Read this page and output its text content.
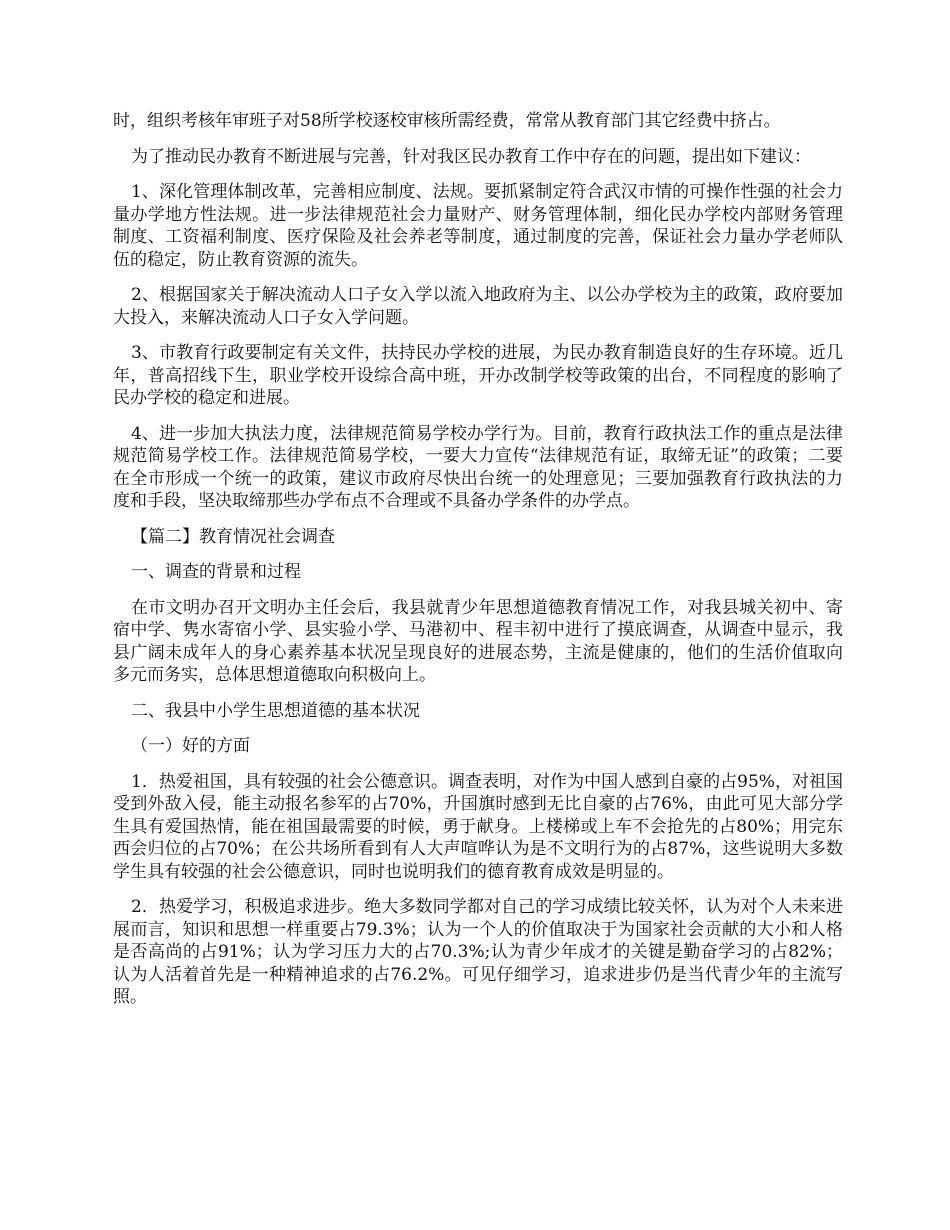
时，组织考核年审班子对58所学校逐校审核所需经费，常常从教育部门其它经费中挤占。

为了推动民办教育不断进展与完善，针对我区民办教育工作中存在的问题，提出如下建议：

1、深化管理体制改革，完善相应制度、法规。要抓紧制定符合武汉市情的可操作性强的社会力量办学地方性法规。进一步法律规范社会力量财产、财务管理体制，细化民办学校内部财务管理制度、工资福利制度、医疗保险及社会养老等制度，通过制度的完善，保证社会力量办学老师队伍的稳定，防止教育资源的流失。

2、根据国家关于解决流动人口子女入学以流入地政府为主、以公办学校为主的政策，政府要加大投入，来解决流动人口子女入学问题。

3、市教育行政要制定有关文件，扶持民办学校的进展，为民办教育制造良好的生存环境。近几年，普高招线下生，职业学校开设综合高中班，开办改制学校等政策的出台，不同程度的影响了民办学校的稳定和进展。

4、进一步加大执法力度，法律规范简易学校办学行为。目前，教育行政执法工作的重点是法律规范简易学校工作。法律规范简易学校，一要大力宣传“法律规范有证，取缔无证”的政策；二要在全市形成一个统一的政策，建议市政府尽快出台统一的处理意见；三要加强教育行政执法的力度和手段，坚决取缔那些办学布点不合理或不具备办学条件的办学点。

【篇二】教育情况社会调查

一、调查的背景和过程

在市文明办召开文明办主任会后，我县就青少年思想道德教育情况工作，对我县城关初中、寄宿中学、隽水寄宿小学、县实验小学、马港初中、程丰初中进行了摸底调查，从调查中显示，我县广阔未成年人的身心素养基本状况呈现良好的进展态势，主流是健康的，他们的生活价值取向多元而务实，总体思想道德取向积极向上。

二、我县中小学生思想道德的基本状况

（一）好的方面

1．热爱祖国，具有较强的社会公德意识。调查表明，对作为中国人感到自豪的占95%，对祖国受到外敌入侵，能主动报名参军的占70%，升国旗时感到无比自豪的占76%，由此可见大部分学生具有爱国热情，能在祖国最需要的时候，勇于献身。上楼梯或上车不会抢先的占80%；用完东西会归位的占70%；在公共场所看到有人大声喧哗认为是不文明行为的占87%，这些说明大多数学生具有较强的社会公德意识，同时也说明我们的德育教育成效是明显的。

2．热爱学习，积极追求进步。绝大多数同学都对自己的学习成绩比较关怀，认为对个人未来进展而言，知识和思想一样重要占79.3%；认为一个人的价值取决于为国家社会贡献的大小和人格是否高尚的占91%；认为学习压力大的占70.3%;认为青少年成才的关键是勤奋学习的占82%；认为人活着首先是一种精神追求的占76.2%。可见仔细学习，追求进步仍是当代青少年的主流写照。
